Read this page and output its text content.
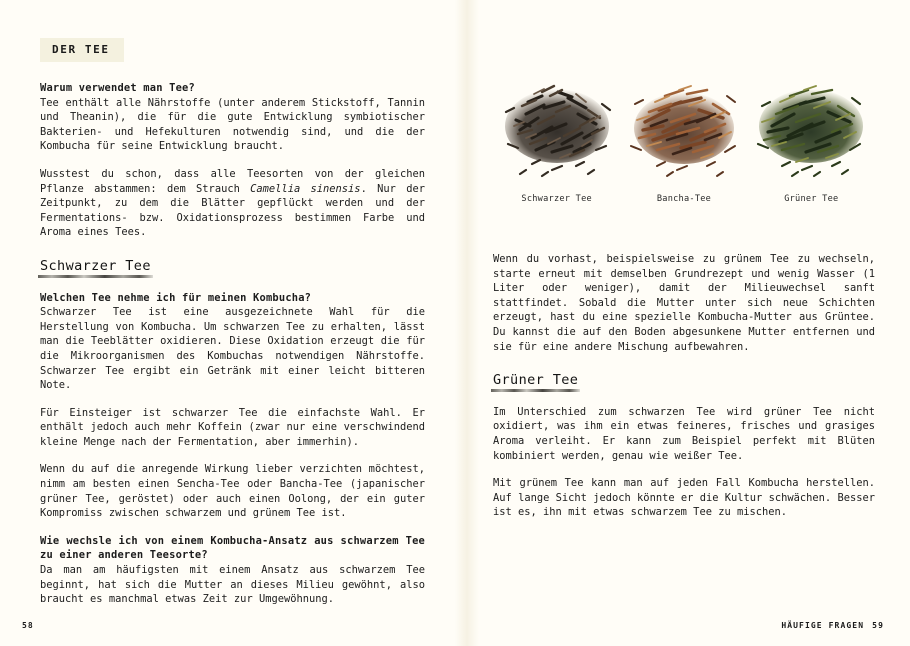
DER TEE

Warum verwendet man Tee?
Tee enthält alle Nährstoffe (unter anderem Stickstoff, Tannin und Theanin), die für die gute Entwicklung symbiotischer Bakterien- und Hefekulturen notwendig sind, und die der Kombucha für seine Entwicklung braucht.

Wusstest du schon, dass alle Teesorten von der gleichen Pflanze abstammen: dem Strauch Camellia sinensis. Nur der Zeitpunkt, zu dem die Blätter gepflückt werden und der Fermentations- bzw. Oxidationsprozess bestimmen Farbe und Aroma eines Tees.

Schwarzer Tee

Welchen Tee nehme ich für meinen Kombucha?
Schwarzer Tee ist eine ausgezeichnete Wahl für die Herstellung von Kombucha. Um schwarzen Tee zu erhalten, lässt man die Teeblätter oxidieren. Diese Oxidation erzeugt die für die Mikroorganismen des Kombuchas notwendigen Nährstoffe. Schwarzer Tee ergibt ein Getränk mit einer leicht bitteren Note.

Für Einsteiger ist schwarzer Tee die einfachste Wahl. Er enthält jedoch auch mehr Koffein (zwar nur eine verschwindend kleine Menge nach der Fermentation, aber immerhin).

Wenn du auf die anregende Wirkung lieber verzichten möchtest, nimm am besten einen Sencha-Tee oder Bancha-Tee (japanischer grüner Tee, geröstet) oder auch einen Oolong, der ein guter Kompromiss zwischen schwarzem und grünem Tee ist.

Wie wechsle ich von einem Kombucha-Ansatz aus schwarzem Tee zu einer anderen Teesorte?
Da man am häufigsten mit einem Ansatz aus schwarzem Tee beginnt, hat sich die Mutter an dieses Milieu gewöhnt, also braucht es manchmal etwas Zeit zur Umgewöhnung.

58
Schwarzer Tee	Bancha-Tee	Grüner Tee

Wenn du vorhast, beispielsweise zu grünem Tee zu wechseln, starte erneut mit demselben Grundrezept und wenig Wasser (1 Liter oder weniger), damit der Milieuwechsel sanft stattfindet. Sobald die Mutter unter sich neue Schichten erzeugt, hast du eine spezielle Kombucha-Mutter aus Grüntee. Du kannst die auf den Boden abgesunkene Mutter entfernen und sie für eine andere Mischung aufbewahren.

Grüner Tee

Im Unterschied zum schwarzen Tee wird grüner Tee nicht oxidiert, was ihm ein etwas feineres, frisches und grasiges Aroma verleiht. Er kann zum Beispiel perfekt mit Blüten kombiniert werden, genau wie weißer Tee.

Mit grünem Tee kann man auf jeden Fall Kombucha herstellen. Auf lange Sicht jedoch könnte er die Kultur schwächen. Besser ist es, ihn mit etwas schwarzem Tee zu mischen.

HÄUFIGE FRAGEN 59
